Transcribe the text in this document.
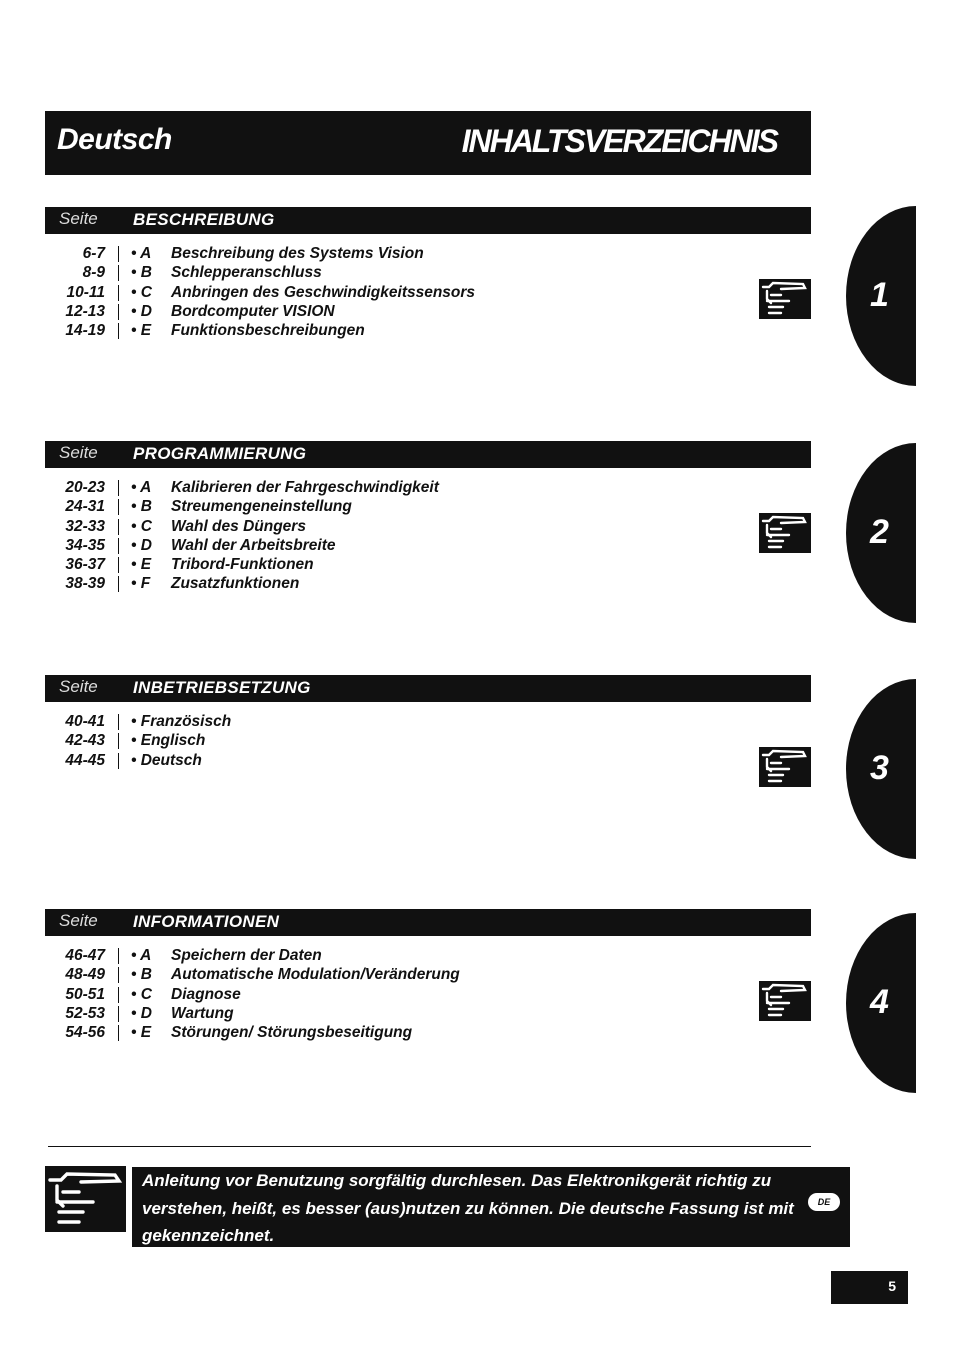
Deutsch	INHALTSVERZEICHNIS
Seite BESCHREIBUNG
6-7 • A Beschreibung des Systems Vision
8-9 • B Schlepperanschluss
10-11 • C Anbringen des Geschwindigkeitssensors
12-13 • D Bordcomputer VISION
14-19 • E Funktionsbeschreibungen
1
Seite PROGRAMMIERUNG
20-23 • A Kalibrieren der Fahrgeschwindigkeit
24-31 • B Streumengeneinstellung
32-33 • C Wahl des Düngers
34-35 • D Wahl der Arbeitsbreite
36-37 • E Tribord-Funktionen
38-39 • F Zusatzfunktionen
2
Seite INBETRIEBSETZUNG
40-41 • Französisch
42-43 • Englisch
44-45 • Deutsch	3
Seite INFORMATIONEN
46-47 • A Speichern der Daten
48-49 • B Automatische Modulation/Veränderung
50-51 • C Diagnose
52-53 • D Wartung
54-56 • E Störungen/ Störungsbeseitigung
4
Anleitung vor Benutzung sorgfältig durchlesen. Das Elektronikgerät richtig zu verstehen, heißt, es besser (aus)nutzen zu können. Die deutsche Fassung ist mit gekennzeichnet.
DE
5
